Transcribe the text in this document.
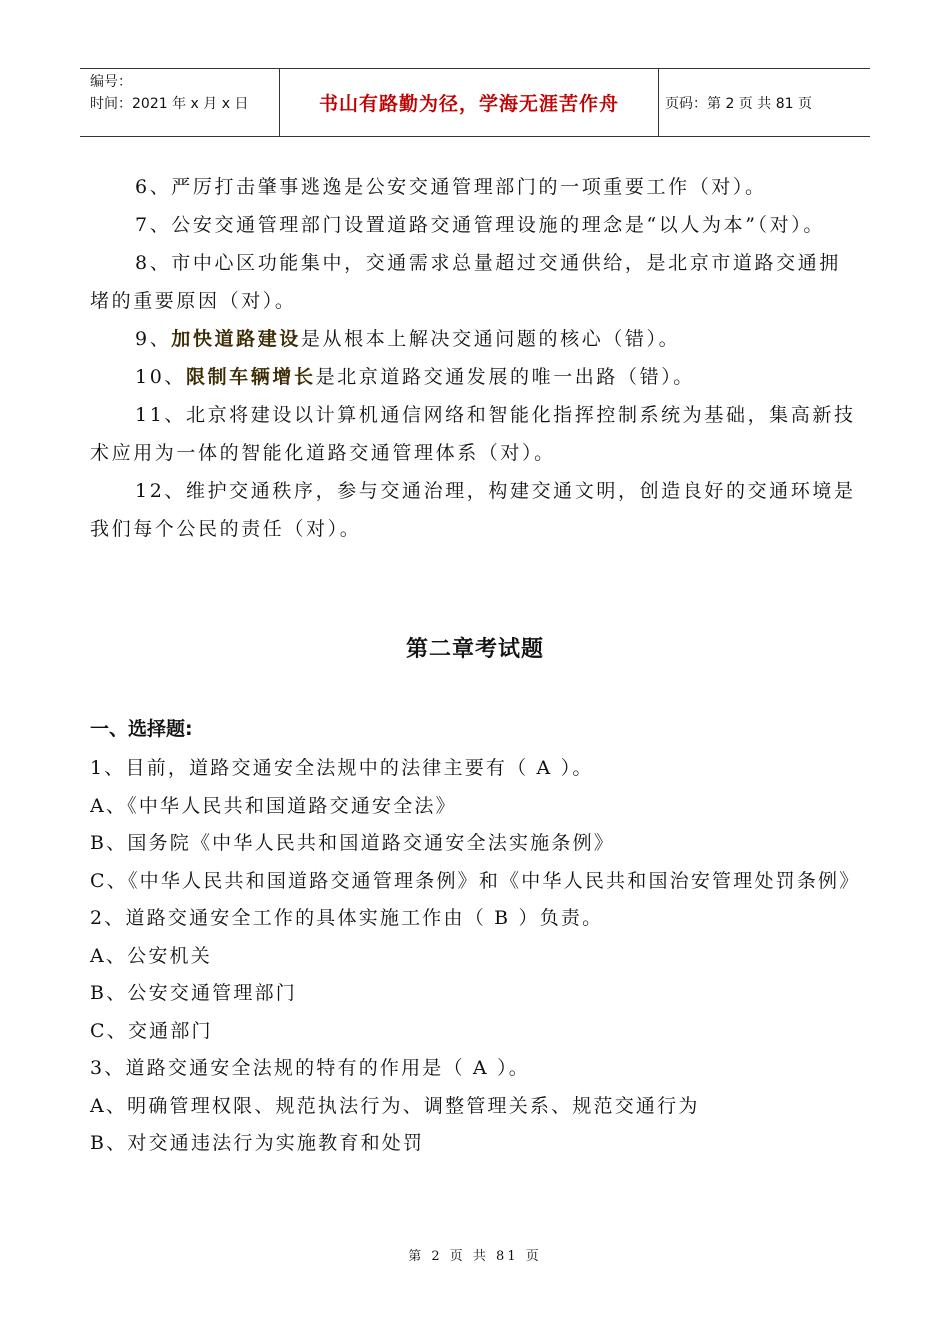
编号：
时间：2021 年 x 月 x 日	书山有路勤为径，学海无涯苦作舟	页码：第 2 页 共 81 页

6、严厉打击肇事逃逸是公安交通管理部门的一项重要工作（对）。

7、公安交通管理部门设置道路交通管理设施的理念是“以人为本”（对）。

8、市中心区功能集中，交通需求总量超过交通供给，是北京市道路交通拥堵的重要原因（对）。

9、加快道路建设是从根本上解决交通问题的核心（错）。

10、限制车辆增长是北京道路交通发展的唯一出路（错）。

11、北京将建设以计算机通信网络和智能化指挥控制系统为基础，集高新技术应用为一体的智能化道路交通管理体系（对）。

12、维护交通秩序，参与交通治理，构建交通文明，创造良好的交通环境是我们每个公民的责任（对）。

第二章考试题

一、选择题:

1、目前，道路交通安全法规中的法律主要有（ A ）。

A、《中华人民共和国道路交通安全法》

B、国务院《中华人民共和国道路交通安全法实施条例》

C、《中华人民共和国道路交通管理条例》和《中华人民共和国治安管理处罚条例》

2、道路交通安全工作的具体实施工作由（ B ）负责。

A、公安机关

B、公安交通管理部门

C、交通部门

3、道路交通安全法规的特有的作用是（ A ）。

A、明确管理权限、规范执法行为、调整管理关系、规范交通行为

B、对交通违法行为实施教育和处罚

第 2 页 共 81 页
